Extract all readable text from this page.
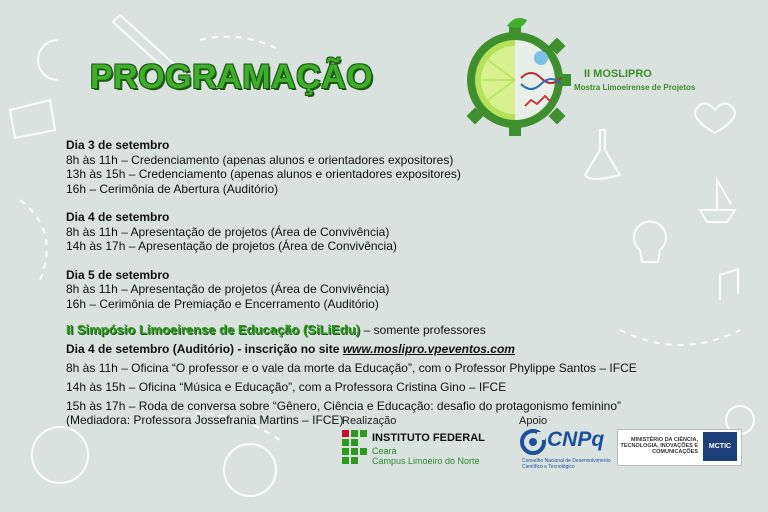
PROGRAMAÇÃO	II MOSLIPRO
Mostra Limoeirense de Projetos
Dia 3 de setembro
8h às 11h – Credenciamento (apenas alunos e orientadores expositores)
13h às 15h – Credenciamento (apenas alunos e orientadores expositores)
16h – Cerimônia de Abertura (Auditório)
Dia 4 de setembro
8h às 11h – Apresentação de projetos (Área de Convivência)
14h às 17h – Apresentação de projetos (Área de Convivência)
Dia 5 de setembro
8h às 11h – Apresentação de projetos (Área de Convivência)
16h – Cerimônia de Premiação e Encerramento (Auditório)
II Simpósio Limoeirense de Educação (SiLiEdu) – somente professores
Dia 4 de setembro (Auditório) - inscrição no site www.moslipro.vpeventos.com
8h às 11h – Oficina “O professor e o vale da morte da Educação”, com o Professor Phylippe Santos – IFCE
14h às 15h – Oficina “Música e Educação”, com a Professora Cristina Gino – IFCE
15h às 17h – Roda de conversa sobre “Gênero, Ciência e Educação: desafio do protagonismo feminino”
(Mediadora: Professora Jossefrania Martins – IFCE)
Realização	Apoio
INSTITUTO FEDERAL
Ceará
Campus Limoeiro do Norte
CNPq
Conselho Nacional de Desenvolvimento Científico e Tecnológico
MINISTÉRIO DA CIÊNCIA, TECNOLOGIA, INOVAÇÕES E COMUNICAÇÕES
MCTIC
